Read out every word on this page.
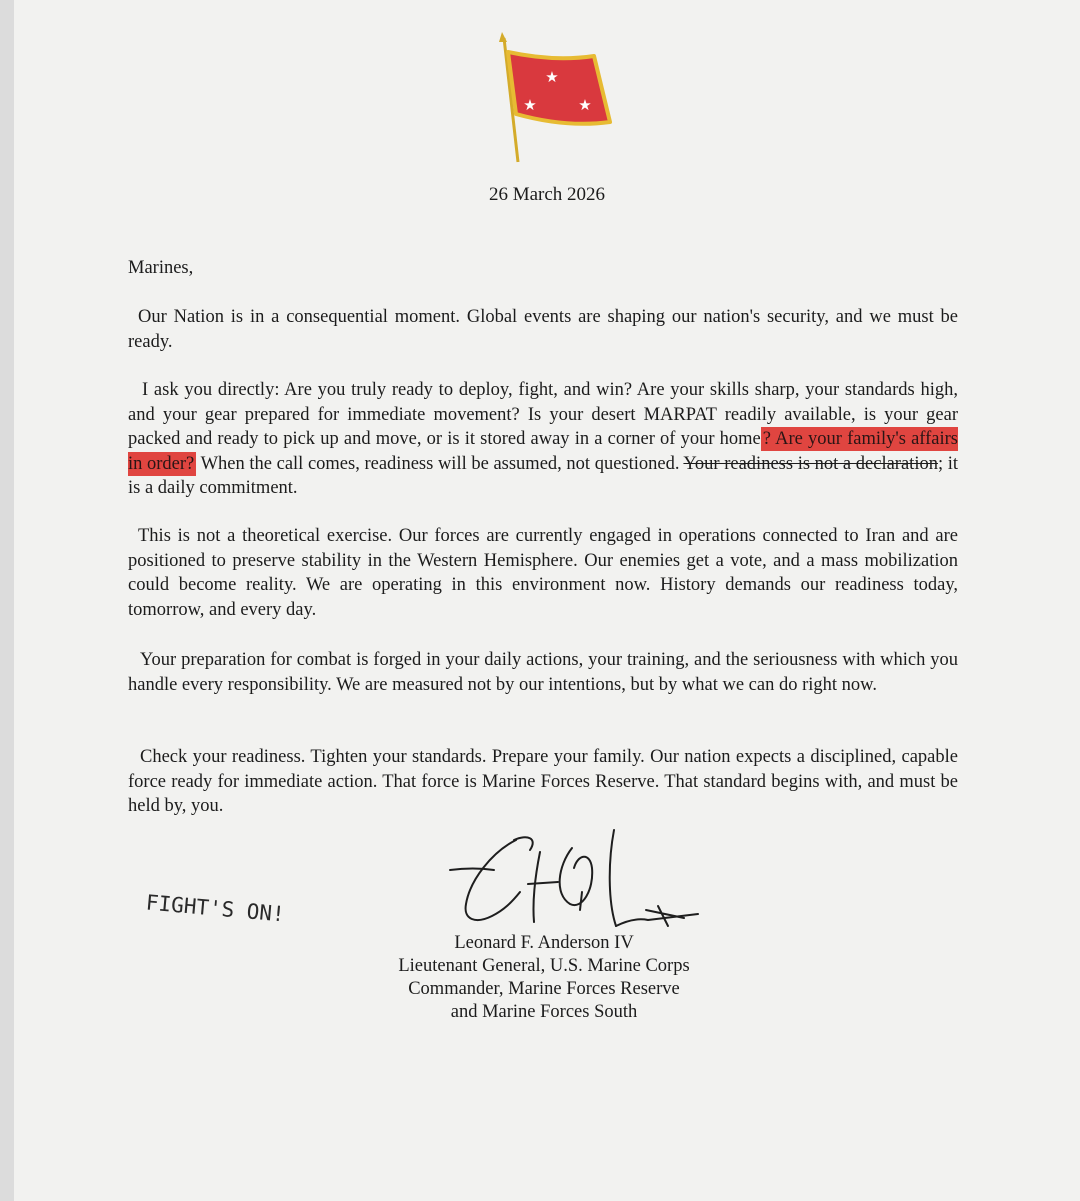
★
★	★
26 March 2026
Marines,
Our Nation is in a consequential moment. Global events are shaping our nation's security, and we must be ready.
I ask you directly: Are you truly ready to deploy, fight, and win? Are your skills sharp, your standards high, and your gear prepared for immediate movement? Is your desert MARPAT readily available, is your gear packed and ready to pick up and move, or is it stored away in a corner of your home ? Are your family's affairs in order? When the call comes, readiness will be assumed, not questioned. Your readiness is not a declaration; it is a daily commitment.
This is not a theoretical exercise. Our forces are currently engaged in operations connected to Iran and are positioned to preserve stability in the Western Hemisphere. Our enemies get a vote, and a mass mobilization could become reality. We are operating in this environment now. History demands our readiness today, tomorrow, and every day.
Your preparation for combat is forged in your daily actions, your training, and the seriousness with which you handle every responsibility. We are measured not by our intentions, but by what we can do right now.
Check your readiness. Tighten your standards. Prepare your family. Our nation expects a disciplined, capable force ready for immediate action. That force is Marine Forces Reserve. That standard begins with, and must be held by, you.
FIGHT'S ON!
Leonard F. Anderson IV
Lieutenant General, U.S. Marine Corps
Commander, Marine Forces Reserve
and Marine Forces South
